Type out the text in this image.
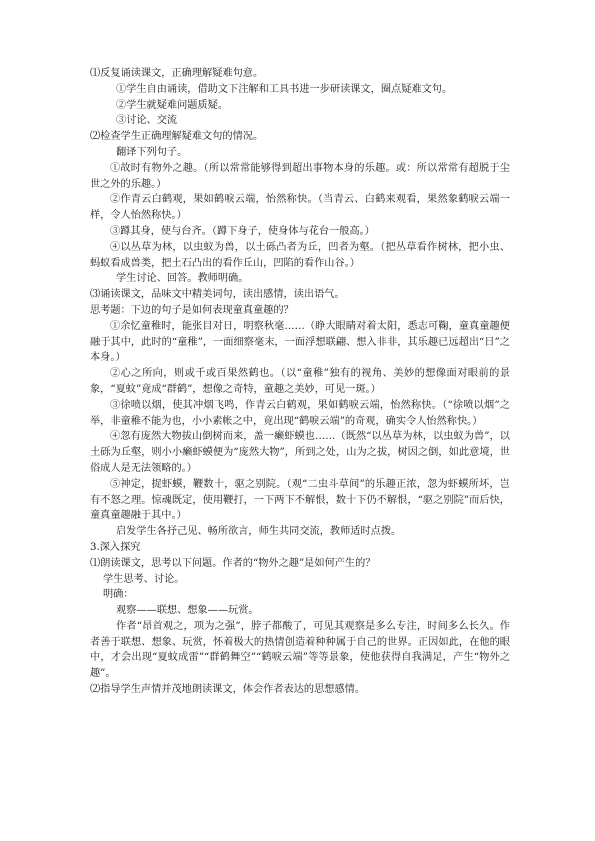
⑴反复诵读课文，正确理解疑难句意。

①学生自由诵读，借助文下注解和工具书进一步研读课文，圈点疑难文句。

②学生就疑难问题质疑。

③讨论、交流

⑵检查学生正确理解疑难文句的情况。

翻译下列句子。

①故时有物外之趣。（所以常常能够得到超出事物本身的乐趣。或：所以常常有超脱于尘世之外的乐趣。）

②作青云白鹤观，果如鹤唳云端，怡然称快。（当青云、白鹤来观看，果然象鹤唳云端一样，令人怡然称快。）

③蹲其身，使与台齐。（蹲下身子，使身体与花台一般高。）

④以丛草为林，以虫蚁为兽，以土砾凸者为丘，凹者为壑。（把丛草看作树林，把小虫、蚂蚁看成兽类，把土石凸出的看作丘山，凹陷的看作山谷。）

学生讨论、回答。教师明确。

⑶诵读课文，品味文中精美词句，读出感情，读出语气。

思考题：下边的句子是如何表现童真童趣的？

①余忆童稚时，能张目对日，明察秋毫……（睁大眼睛对着太阳，悉志可鞠，童真童趣便融于其中，此时的“童稚”，一面细察毫末，一面浮想联翩、想入非非，其乐趣已远超出“日”之本身。）

②心之所向，则或千或百果然鹤也。（以“童稚”独有的视角、美妙的想像面对眼前的景象，“夏蚊”竟成“群鹤”，想像之奇特，童趣之美妙，可见一斑。）

③徐喷以烟，使其冲烟飞鸣，作青云白鹤观，果如鹤唳云端，怡然称快。（“徐喷以烟”之举，非童稚不能为也，小小素帐之中，竟出现“鹤唳云端”的奇观，确实令人怡然称快。）

④忽有庞然大物拔山倒树而来，盖一癞虾蟆也……（既然“以丛草为林，以虫蚁为兽”，以土砾为丘壑，则小小癞虾蟆便为“庞然大物”，所到之处，山为之拔，树因之倒，如此意境，世俗成人是无法领略的。）

⑤神定，捉虾蟆，鞭数十，驱之别院。（观“二虫斗草间”的乐趣正浓，忽为虾蟆所坏，岂有不怒之理。惊魂既定，使用鞭打，一下两下不解恨，数十下仍不解恨，“驱之别院”而后快，童真童趣融于其中。）

启发学生各抒己见、畅所欲言，师生共同交流，教师适时点拨。

3.深入探究

⑴朗读课文，思考以下问题。作者的“物外之趣”是如何产生的？

学生思考、讨论。

明确：

观察——联想、想象——玩赏。

作者“昂首观之，项为之强”，脖子都酸了，可见其观察是多么专注，时间多么长久。作者善于联想、想象、玩赏，怀着极大的热情创造着种种属于自己的世界。正因如此，在他的眼中，才会出现“夏蚊成雷”“群鹤舞空”“鹤唳云端”等等景象，使他获得自我满足，产生“物外之趣”。

⑵指导学生声情并茂地朗读课文，体会作者表达的思想感情。
